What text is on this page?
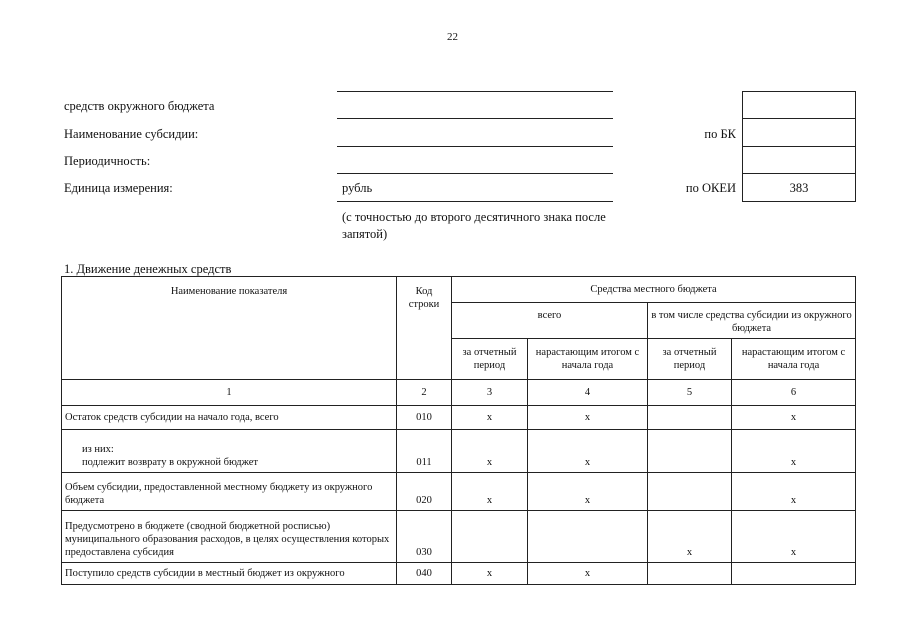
22
средств окружного бюджета
Наименование субсидии:
Периодичность:
Единица измерения:	рубль
(с точностью до второго десятичного знака после запятой)
по БК
по ОКЕИ	383
1. Движение денежных средств
Наименование показателя	Код строки	Средства местного бюджета			
		всего		в том числе средства субсидии из окружного бюджета	
		за отчетный период	нарастающим итогом с начала года	за отчетный период	нарастающим итогом с начала года
1	2	3	4	5	6
Остаток средств субсидии на начало года, всего	010	х	х		х

из них:
подлежит возврату в окружной бюджет	011	х	х		х
Объем субсидии, предоставленной местному бюджету из окружного бюджета	020	х	х		х
Предусмотрено в бюджете (сводной бюджетной росписью) муниципального образования расходов, в целях осуществления которых предоставлена субсидия	030			х	х
Поступило средств субсидии в местный бюджет из окружного	040	х	х		
